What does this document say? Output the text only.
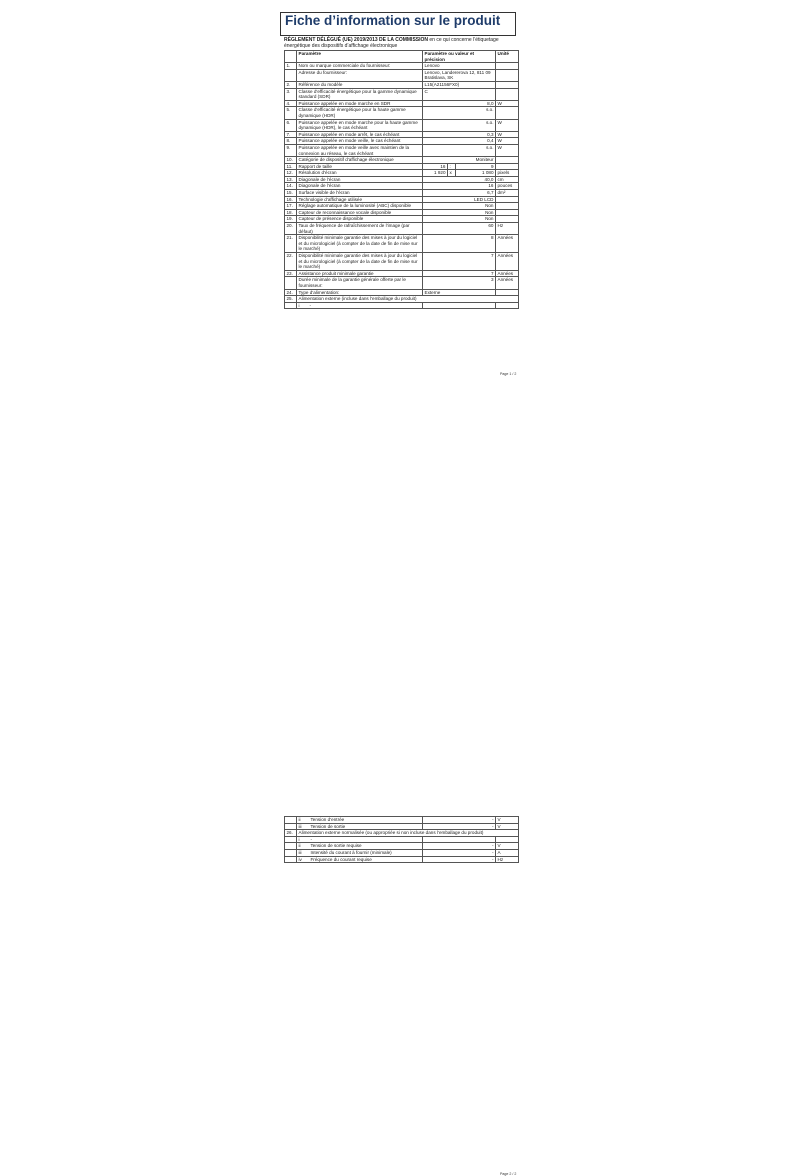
Fiche d’information sur le produit
RÈGLEMENT DÉLÉGUÉ (UE) 2019/2013 DE LA COMMISSION en ce qui concerne l’étiquetage énergétique des dispositifs d’affichage électronique
	Paramètre	Paramètre ou valeur et précision			Unité
1.	Nom ou marque commerciale du fournisseur:	Lenovo			
	Adresse du fournisseur:	Lenovo, Landererova 12, 811 09 Bratislava, SK			
2.	Référence du modèle	L15(A21156FX0)			
3.	Classe d’efficacité énergétique pour la gamme dynamique standard (SDR)	C			
4.	Puissance appelée en mode marche en SDR	8,0			W
5.	Classe d’efficacité énergétique pour la haute gamme dynamique (HDR)	s.o.			
6.	Puissance appelée en mode marche pour la haute gamme dynamique (HDR), le cas échéant	s.o.			W
7.	Puissance appelée en mode arrêt, le cas échéant	0,3			W
8.	Puissance appelée en mode veille, le cas échéant	0,4			W
9.	Puissance appelée en mode veille avec maintien de la connexion au réseau, le cas échéant	s.o.			W
10.	Catégorie de dispositif d’affichage électronique	Moniteur			
11.	Rapport de taille	16	:	9	
12.	Résolution d’écran	1 920	x	1 080	pixels
13.	Diagonale de l’écran	40,0			cm
14.	Diagonale de l’écran	16			pouces
15.	Surface visible de l’écran	6,7			dm²
16.	Technologie d’affichage utilisée	LED LCD			
17.	Réglage automatique de la luminosité (ABC) disponible	Non			
18.	Capteur de reconnaissance vocale disponible	Non			
19.	Capteur de présence disponible	Non			
20.	Taux de fréquence de rafraîchissement de l’image (par défaut)	60			Hz
21.	Disponibilité minimale garantie des mises à jour du logiciel et du micrologiciel (à compter de la date de fin de mise sur le marché)	8			Années
22.	Disponibilité minimale garantie des mises à jour du logiciel et du micrologiciel (à compter de la date de fin de mise sur le marché)	7			Années
23.	Assistance produit minimale garantie	7			Années
	Durée minimale de la garantie générale offerte par le fournisseur:	3			Années
24.	Type d’alimentation:	Externe			
25.	Alimentation externe (incluse dans l’emballage du produit)				
	i -				
Page 1 / 2
	ii Tension d’entrée	-	V
	iii Tension de sortie	-	V
26.	Alimentation externe normalisée (ou appropriée si non incluse dans l’emballage du produit)		
	i -		
	ii Tension de sortie requise	-	V
	iii Intensité du courant à fournir (minimale)	-	A
	iv Fréquence du courant requise	-	Hz
Page 2 / 2
